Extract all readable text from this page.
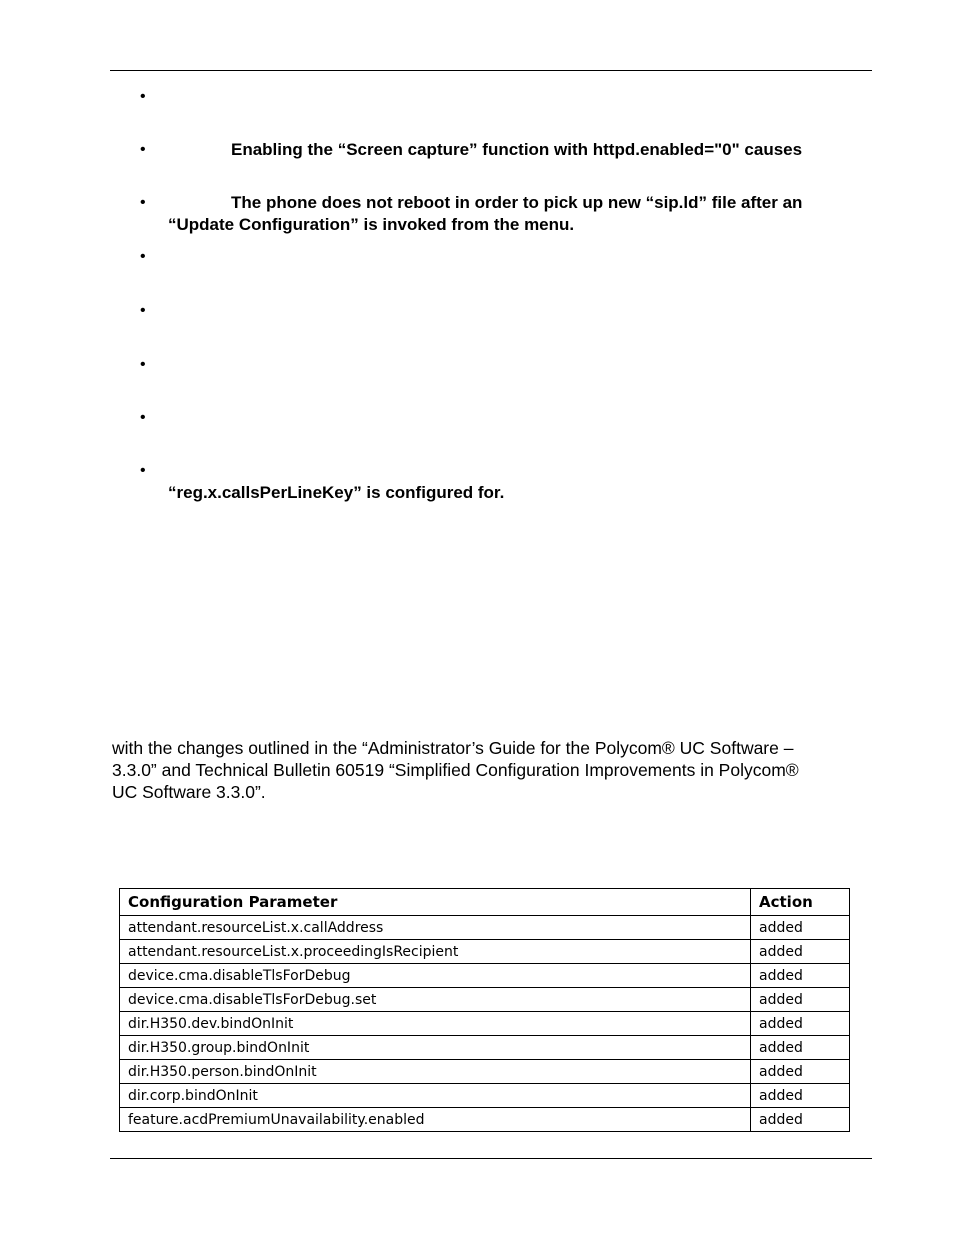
•
•	Enabling the “Screen capture” function with httpd.enabled="0" causes
•	The phone does not reboot in order to pick up new “sip.ld” file after an
“Update Configuration” is invoked from the menu.
•
•
•
•
•
“reg.x.callsPerLineKey” is configured for.
with the changes outlined in the “Administrator’s Guide for the Polycom® UC Software –
3.3.0” and Technical Bulletin 60519 “Simplified Configuration Improvements in Polycom®
UC Software 3.3.0”.
Configuration Parameter	Action
attendant.resourceList.x.callAddress	added
attendant.resourceList.x.proceedingIsRecipient	added
device.cma.disableTlsForDebug	added
device.cma.disableTlsForDebug.set	added
dir.H350.dev.bindOnInit	added
dir.H350.group.bindOnInit	added
dir.H350.person.bindOnInit	added
dir.corp.bindOnInit	added
feature.acdPremiumUnavailability.enabled	added
